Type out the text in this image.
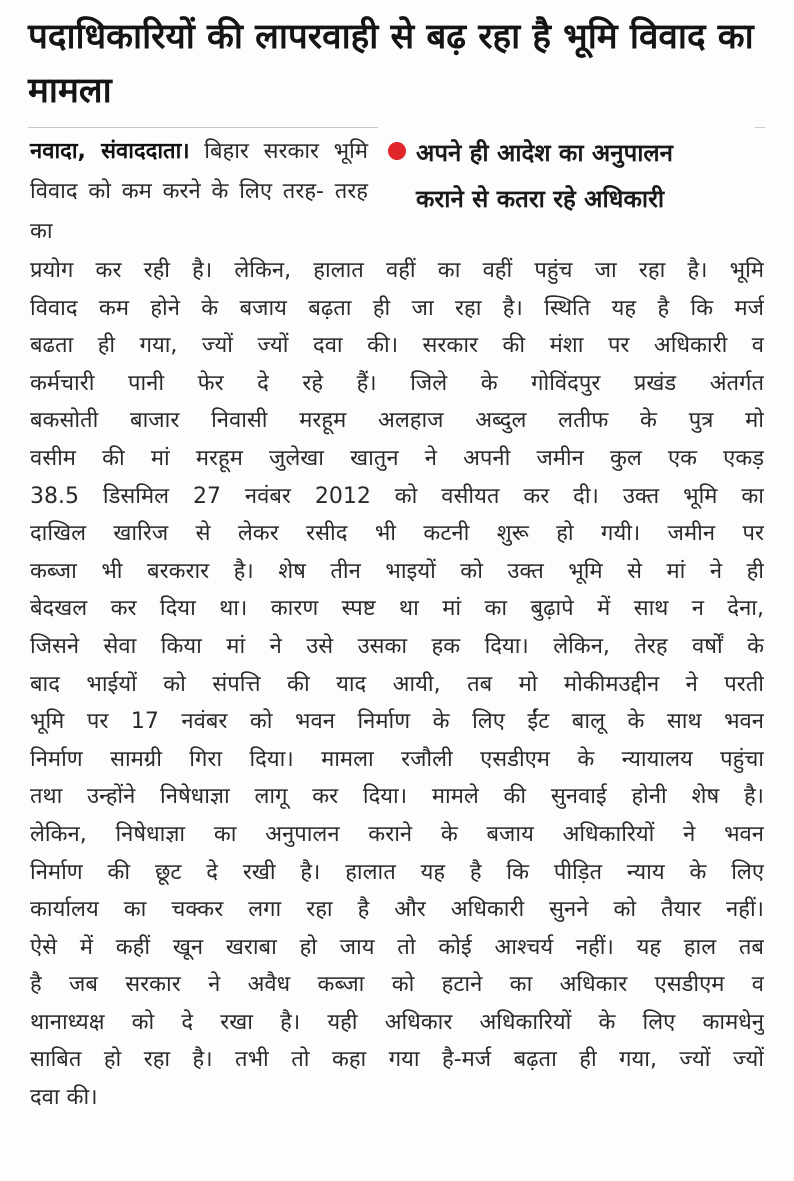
पदाधिकारियों की लापरवाही से बढ़ रहा है भूमि विवाद का मामला

नवादा, संवाददाता। बिहार सरकार भूमि विवाद को कम करने के लिए तरह- तरह का

अपने ही आदेश का अनुपालन
कराने से कतरा रहे अधिकारी
प्रयोग कर रही है। लेकिन, हालात वहीं का वहीं पहुंच जा रहा है। भूमि
विवाद कम होने के बजाय बढ़ता ही जा रहा है। स्थिति यह है कि मर्ज
बढता ही गया, ज्यों ज्यों दवा की। सरकार की मंशा पर अधिकारी व
कर्मचारी पानी फेर दे रहे हैं। जिले के गोविंदपुर प्रखंड अंतर्गत
बकसोती बाजार निवासी मरहूम अलहाज अब्दुल लतीफ के पुत्र मो
वसीम की मां मरहूम जुलेखा खातुन ने अपनी जमीन कुल एक एकड़
38.5 डिसमिल 27 नवंबर 2012 को वसीयत कर दी। उक्त भूमि का
दाखिल खारिज से लेकर रसीद भी कटनी शुरू हो गयी। जमीन पर
कब्जा भी बरकरार है। शेष तीन भाइयों को उक्त भूमि से मां ने ही
बेदखल कर दिया था। कारण स्पष्ट था मां का बुढ़ापे में साथ न देना,
जिसने सेवा किया मां ने उसे उसका हक दिया। लेकिन, तेरह वर्षों के
बाद भाईयों को संपत्ति की याद आयी, तब मो मोकीमउद्दीन ने परती
भूमि पर 17 नवंबर को भवन निर्माण के लिए ईंट बालू के साथ भवन
निर्माण सामग्री गिरा दिया। मामला रजौली एसडीएम के न्यायालय पहुंचा
तथा उन्होंने निषेधाज्ञा लागू कर दिया। मामले की सुनवाई होनी शेष है।
लेकिन, निषेधाज्ञा का अनुपालन कराने के बजाय अधिकारियों ने भवन
निर्माण की छूट दे रखी है। हालात यह है कि पीड़ित न्याय के लिए
कार्यालय का चक्कर लगा रहा है और अधिकारी सुनने को तैयार नहीं।
ऐसे में कहीं खून खराबा हो जाय तो कोई आश्चर्य नहीं। यह हाल तब
है जब सरकार ने अवैध कब्जा को हटाने का अधिकार एसडीएम व
थानाध्यक्ष को दे रखा है। यही अधिकार अधिकारियों के लिए कामधेनु
साबित हो रहा है। तभी तो कहा गया है-मर्ज बढ़ता ही गया, ज्यों ज्यों
दवा की।
